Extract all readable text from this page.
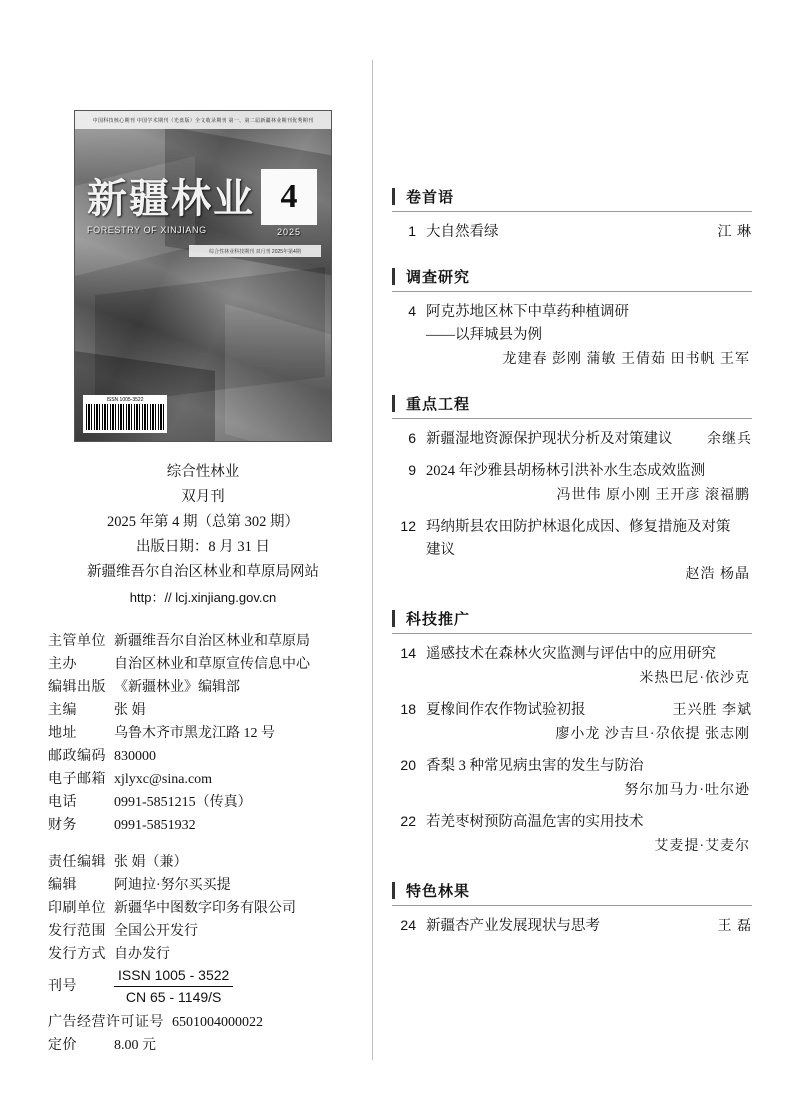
中国科技核心期刊 中国学术期刊（光盘版）全文收录期刊 第一、第二届新疆林业期刊优秀期刊
新疆林业
FORESTRY OF XINJIANG
4
2025
综合性林业科技期刊 双月刊 2025年第4期
ISSN 1005-3522
综合性林业
双月刊
2025 年第 4 期（总第 302 期）
出版日期：8 月 31 日
新疆维吾尔自治区林业和草原局网站
http：// lcj.xinjiang.gov.cn
主管单位 新疆维吾尔自治区林业和草原局
主办	自治区林业和草原宣传信息中心
编辑出版 《新疆林业》编辑部
主编	张 娟
地址	乌鲁木齐市黑龙江路 12 号
邮政编码 830000
电子邮箱 xjlyxc@sina.com
电话	0991-5851215（传真）
财务	0991-5851932
责任编辑 张 娟（兼）
编辑	阿迪拉·努尔买买提
印刷单位 新疆华中图数字印务有限公司
发行范围 全国公开发行
发行方式 自办发行
刊号
ISSN 1005 - 3522
CN 65 - 1149/S
广告经营许可证号 6501004000022
定价	8.00 元
卷首语
1 大自然看绿	江 琳
调查研究
4 阿克苏地区林下中草药种植调研
——以拜城县为例
龙建春 彭刚 蒲敏 王倩茹 田书帆 王军
重点工程
6 新疆湿地资源保护现状分析及对策建议	余继兵
9 2024 年沙雅县胡杨林引洪补水生态成效监测
冯世伟 原小刚 王开彦 滚福鹏
12 玛纳斯县农田防护林退化成因、修复措施及对策
建议
赵浩 杨晶
科技推广
14 遥感技术在森林火灾监测与评估中的应用研究
米热巴尼·依沙克
18 夏橡间作农作物试验初报	王兴胜 李斌
廖小龙 沙吉旦·尕依提 张志刚
20 香梨 3 种常见病虫害的发生与防治
努尔加马力·吐尔逊
22 若羌枣树预防高温危害的实用技术
艾麦提·艾麦尔
特色林果
24 新疆杏产业发展现状与思考	王 磊
